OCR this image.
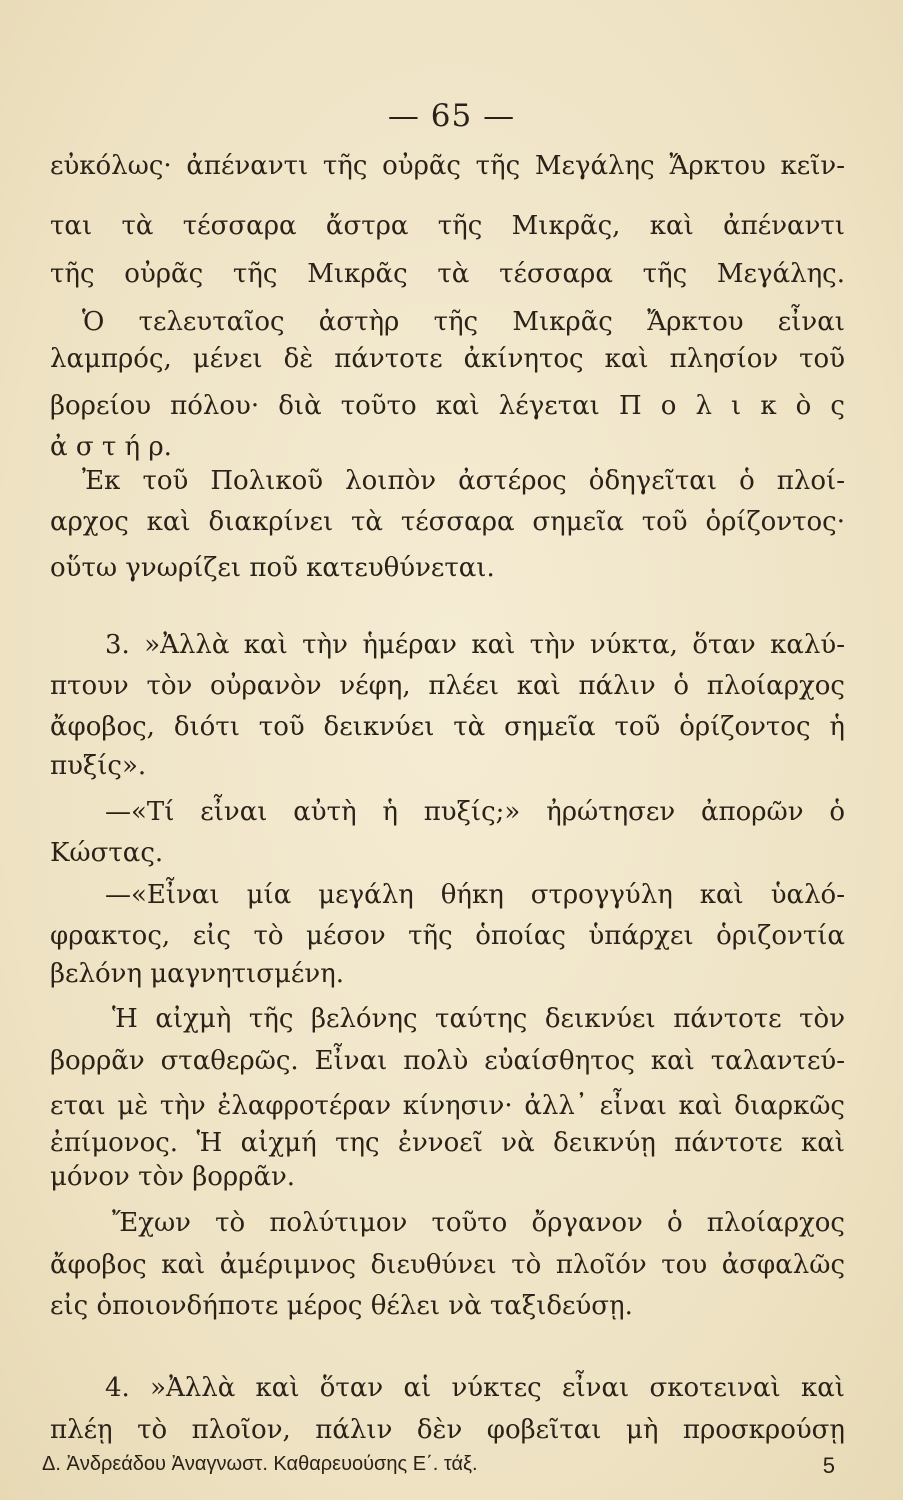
— 65 —
εὐκόλως· ἀπέναντι τῆς οὐρᾶς τῆς Μεγάλης Ἄρκτου κεῖν-
ται τὰ τέσσαρα ἄστρα τῆς Μικρᾶς, καὶ ἀπέναντι
τῆς οὐρᾶς τῆς Μικρᾶς τὰ τέσσαρα τῆς Μεγάλης.
Ὁ τελευταῖος ἀστὴρ τῆς Μικρᾶς Ἄρκτου εἶναι
λαμπρός, μένει δὲ πάντοτε ἀκίνητος καὶ πλησίον τοῦ
βορείου πόλου· διὰ τοῦτο καὶ λέγεται Π ο λ ι κ ὸ ς
ἀ σ τ ή ρ.
Ἐκ τοῦ Πολικοῦ λοιπὸν ἀστέρος ὁδηγεῖται ὁ πλοί-
αρχος καὶ διακρίνει τὰ τέσσαρα σημεῖα τοῦ ὁρίζοντος·
οὕτω γνωρίζει ποῦ κατευθύνεται.
3. »Ἀλλὰ καὶ τὴν ἡμέραν καὶ τὴν νύκτα, ὅταν καλύ-
πτουν τὸν οὐρανὸν νέφη, πλέει καὶ πάλιν ὁ πλοίαρχος
ἄφοβος, διότι τοῦ δεικνύει τὰ σημεῖα τοῦ ὁρίζοντος ἡ
πυξίς».
—«Τί εἶναι αὐτὴ ἡ πυξίς;» ἠρώτησεν ἀπορῶν ὁ
Κώστας.
—«Εἶναι μία μεγάλη θήκη στρογγύλη καὶ ὑαλό-
φρακτος, εἰς τὸ μέσον τῆς ὁποίας ὑπάρχει ὁριζοντία
βελόνη μαγνητισμένη.
Ἡ αἰχμὴ τῆς βελόνης ταύτης δεικνύει πάντοτε τὸν
βορρᾶν σταθερῶς. Εἶναι πολὺ εὐαίσθητος καὶ ταλαντεύ-
εται μὲ τὴν ἐλαφροτέραν κίνησιν· ἀλλ᾿ εἶναι καὶ διαρκῶς
ἐπίμονος. Ἡ αἰχμή της ἐννοεῖ νὰ δεικνύῃ πάντοτε καὶ
μόνον τὸν βορρᾶν.
Ἔχων τὸ πολύτιμον τοῦτο ὄργανον ὁ πλοίαρχος
ἄφοβος καὶ ἀμέριμνος διευθύνει τὸ πλοῖόν του ἀσφαλῶς
εἰς ὁποιονδήποτε μέρος θέλει νὰ ταξιδεύσῃ.
4. »Ἀλλὰ καὶ ὅταν αἱ νύκτες εἶναι σκοτειναὶ καὶ
πλέῃ τὸ πλοῖον, πάλιν δὲν φοβεῖται μὴ προσκρούσῃ
Δ. Ἀνδρεάδου Ἀναγνωστ. Καθαρευούσης Ε΄. τάξ.	5
